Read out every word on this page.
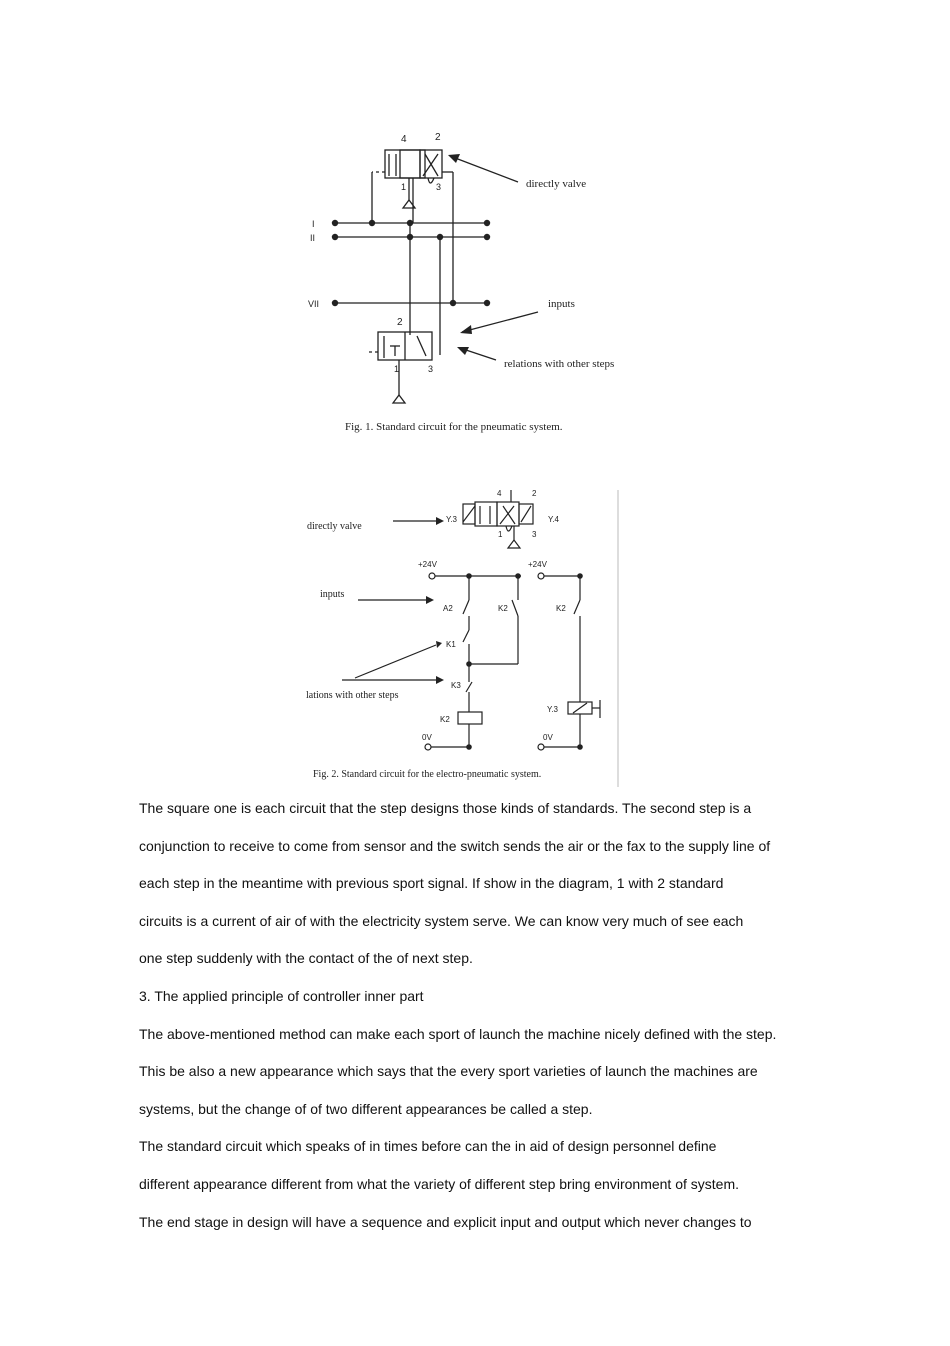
4	2
1	3	directly valve
I
II
VII	inputs
2
relations with other steps
1	3
Fig. 1. Standard circuit for the pneumatic system.
4	2
Y.3	Y.4
1	3
directly valve
+24V	+24V
inputs
A2	K2	K2
K1
lations with other steps
K3
K2
Y.3
0V	0V
Fig. 2. Standard circuit for the electro-pneumatic system.
The square one is each circuit that the step designs those kinds of standards. The second step is a
conjunction to receive to come from sensor and the switch sends the air or the fax to the supply line of
each step in the meantime with previous sport signal. If show in the diagram, 1 with 2 standard
circuits is a current of air of with the electricity system serve. We can know very much of see each
one step suddenly with the contact of the of next step.
3. The applied principle of controller inner part
The above-mentioned method can make each sport of launch the machine nicely defined with the step.
This be also a new appearance which says that the every sport varieties of launch the machines are
systems, but the change of of two different appearances be called a step.
The standard circuit which speaks of in times before can the in aid of design personnel define
different appearance different from what the variety of different step bring environment of system.
The end stage in design will have a sequence and explicit input and output which never changes to
